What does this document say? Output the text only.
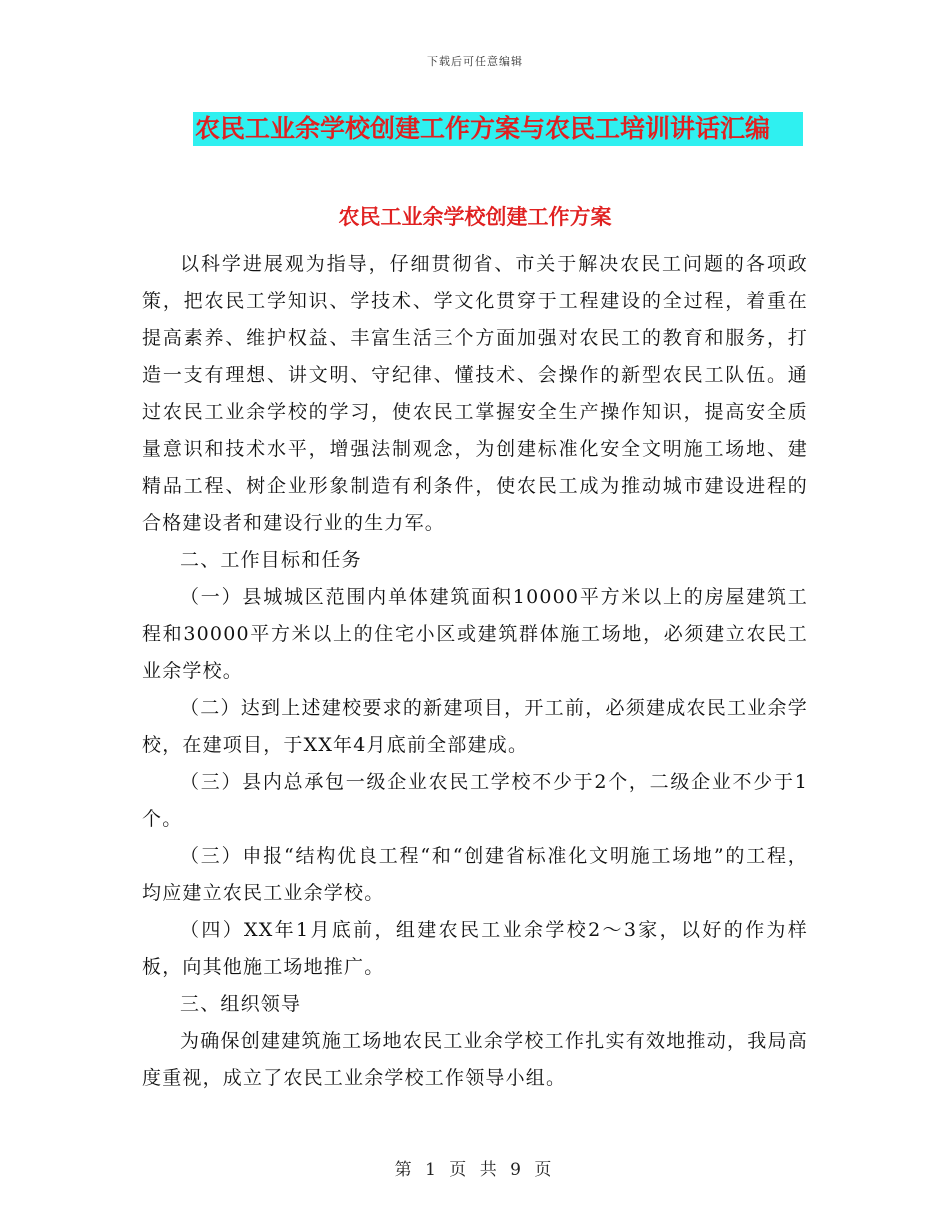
下载后可任意编辑
农民工业余学校创建工作方案与农民工培训讲话汇编
农民工业余学校创建工作方案

以科学进展观为指导，仔细贯彻省、市关于解决农民工问题的各项政策，把农民工学知识、学技术、学文化贯穿于工程建设的全过程，着重在提高素养、维护权益、丰富生活三个方面加强对农民工的教育和服务，打造一支有理想、讲文明、守纪律、懂技术、会操作的新型农民工队伍。通过农民工业余学校的学习，使农民工掌握安全生产操作知识，提高安全质量意识和技术水平，增强法制观念，为创建标准化安全文明施工场地、建精品工程、树企业形象制造有利条件，使农民工成为推动城市建设进程的合格建设者和建设行业的生力军。

二、工作目标和任务

（一）县城城区范围内单体建筑面积10000平方米以上的房屋建筑工程和30000平方米以上的住宅小区或建筑群体施工场地，必须建立农民工业余学校。

（二）达到上述建校要求的新建项目，开工前，必须建成农民工业余学校，在建项目，于XX年4月底前全部建成。

（三）县内总承包一级企业农民工学校不少于2个，二级企业不少于1个。

（三）申报“结构优良工程“和“创建省标准化文明施工场地”的工程，均应建立农民工业余学校。

（四）XX年1月底前，组建农民工业余学校2～3家，以好的作为样板，向其他施工场地推广。

三、组织领导

为确保创建建筑施工场地农民工业余学校工作扎实有效地推动，我局高度重视，成立了农民工业余学校工作领导小组。

第 1 页 共 9 页
